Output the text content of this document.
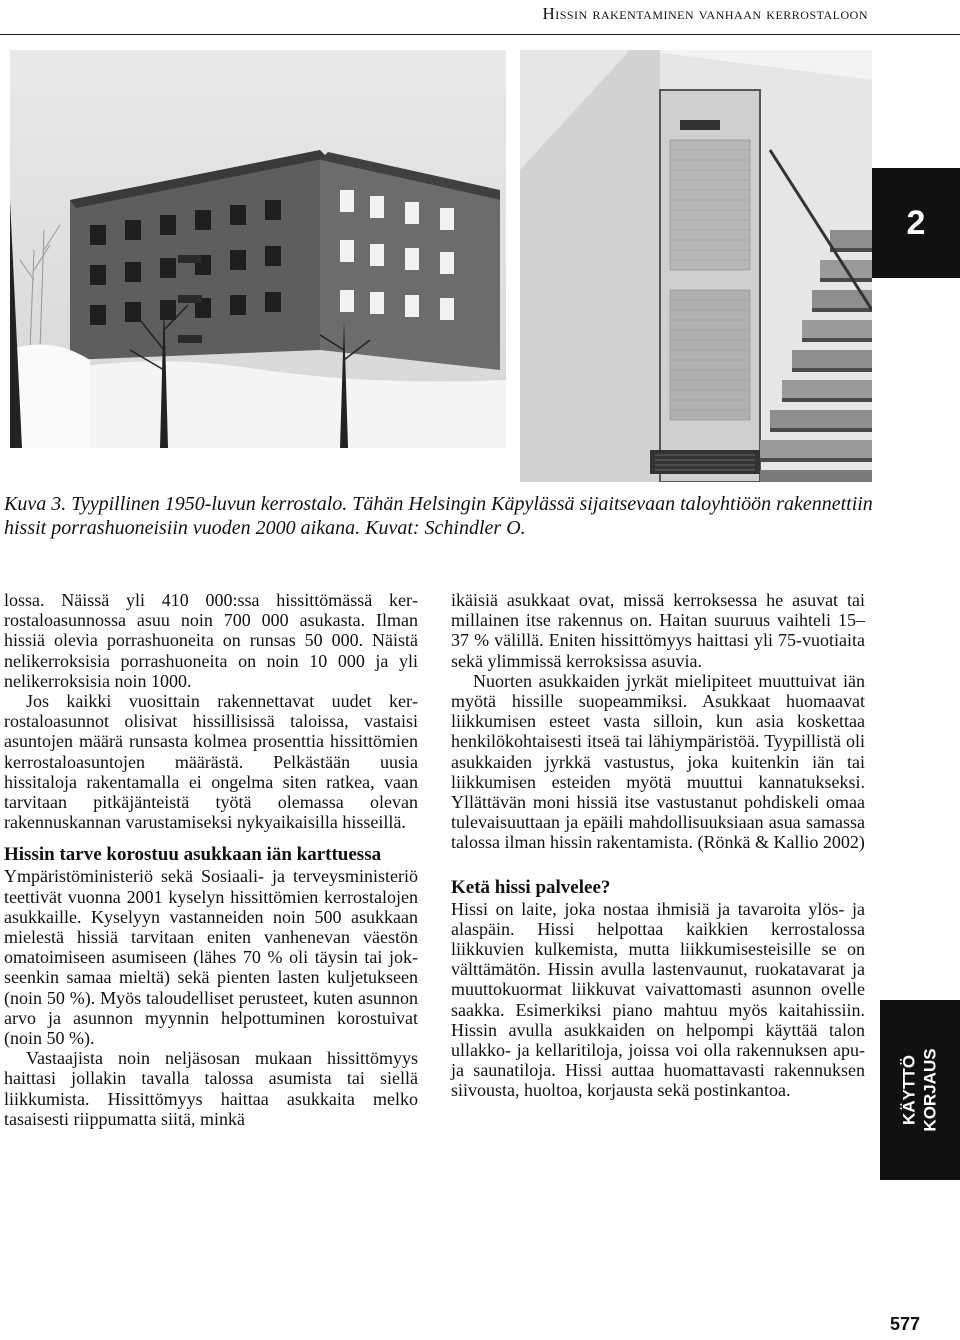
Hissin rakentaminen vanhaan kerrostaloon
2
Kuva 3. Tyypillinen 1950-luvun kerrostalo. Tähän Helsingin Käpylässä sijaitsevaan taloyhtiöön rakennettiin hissit porrashuoneisiin vuoden 2000 aikana. Kuvat: Schindler O.

lossa. Näissä yli 410 000:ssa hissittömässä kerrostaloasunnossa asuu noin 700 000 asukasta. Ilman hissiä olevia porrashuoneita on runsas 50 000. Näistä nelikerroksisia porrashuoneita on noin 10 000 ja yli nelikerroksisia noin 1000.

Jos kaikki vuosittain rakennettavat uudet kerrostaloasunnot olisivat hissillisissä taloissa, vastaisi asuntojen määrä runsasta kolmea prosenttia hissittömien kerrostaloasuntojen määrästä. Pelkästään uusia hissitaloja rakentamalla ei ongelma siten ratkea, vaan tarvitaan pitkäjänteistä työtä olemassa olevan rakennuskannan varustamiseksi nykyaikaisilla hisseillä.

Hissin tarve korostuu asukkaan iän karttuessa

Ympäristöministeriö sekä Sosiaali- ja terveysministeriö teettivät vuonna 2001 kyselyn hissittömien kerrostalojen asukkaille. Kyselyyn vastanneiden noin 500 asukkaan mielestä hissiä tarvitaan eniten vanhenevan väestön omatoimiseen asumiseen (lähes 70 % oli täysin tai jokseenkin samaa mieltä) sekä pienten lasten kuljetukseen (noin 50 %). Myös taloudelliset perusteet, kuten asunnon arvo ja asunnon myynnin helpottuminen korostuivat (noin 50 %).

Vastaajista noin neljäsosan mukaan hissittömyys haittasi jollakin tavalla talossa asumista tai siellä liikkumista. Hissittömyys haittaa asukkaita melko tasaisesti riippumatta siitä, minkä

ikäisiä asukkaat ovat, missä kerroksessa he asuvat tai millainen itse rakennus on. Haitan suuruus vaihteli 15–37 % välillä. Eniten hissittömyys haittasi yli 75-vuotiaita sekä ylimmissä kerroksissa asuvia.

Nuorten asukkaiden jyrkät mielipiteet muuttuivat iän myötä hissille suopeammiksi. Asukkaat huomaavat liikkumisen esteet vasta silloin, kun asia koskettaa henkilökohtaisesti itseä tai lähiympäristöä. Tyypillistä oli asukkaiden jyrkkä vastustus, joka kuitenkin iän tai liikkumisen esteiden myötä muuttui kannatukseksi. Yllättävän moni hissiä itse vastustanut pohdiskeli omaa tulevaisuuttaan ja epäili mahdollisuuksiaan asua samassa talossa ilman hissin rakentamista. (Rönkä & Kallio 2002)

Ketä hissi palvelee?

Hissi on laite, joka nostaa ihmisiä ja tavaroita ylös- ja alaspäin. Hissi helpottaa kaikkien kerrostalossa liikkuvien kulkemista, mutta liikkumisesteisille se on välttämätön. Hissin avulla lastenvaunut, ruokatavarat ja muuttokuormat liikkuvat vaivattomasti asunnon ovelle saakka. Esimerkiksi piano mahtuu myös kaitahissiin. Hissin avulla asukkaiden on helpompi käyttää talon ullakko- ja kellaritiloja, joissa voi olla rakennuksen apu- ja saunatiloja. Hissi auttaa huomattavasti rakennuksen siivousta, huoltoa, korjausta sekä postinkantoa.	KÄYTTÖ KORJAUS
577
